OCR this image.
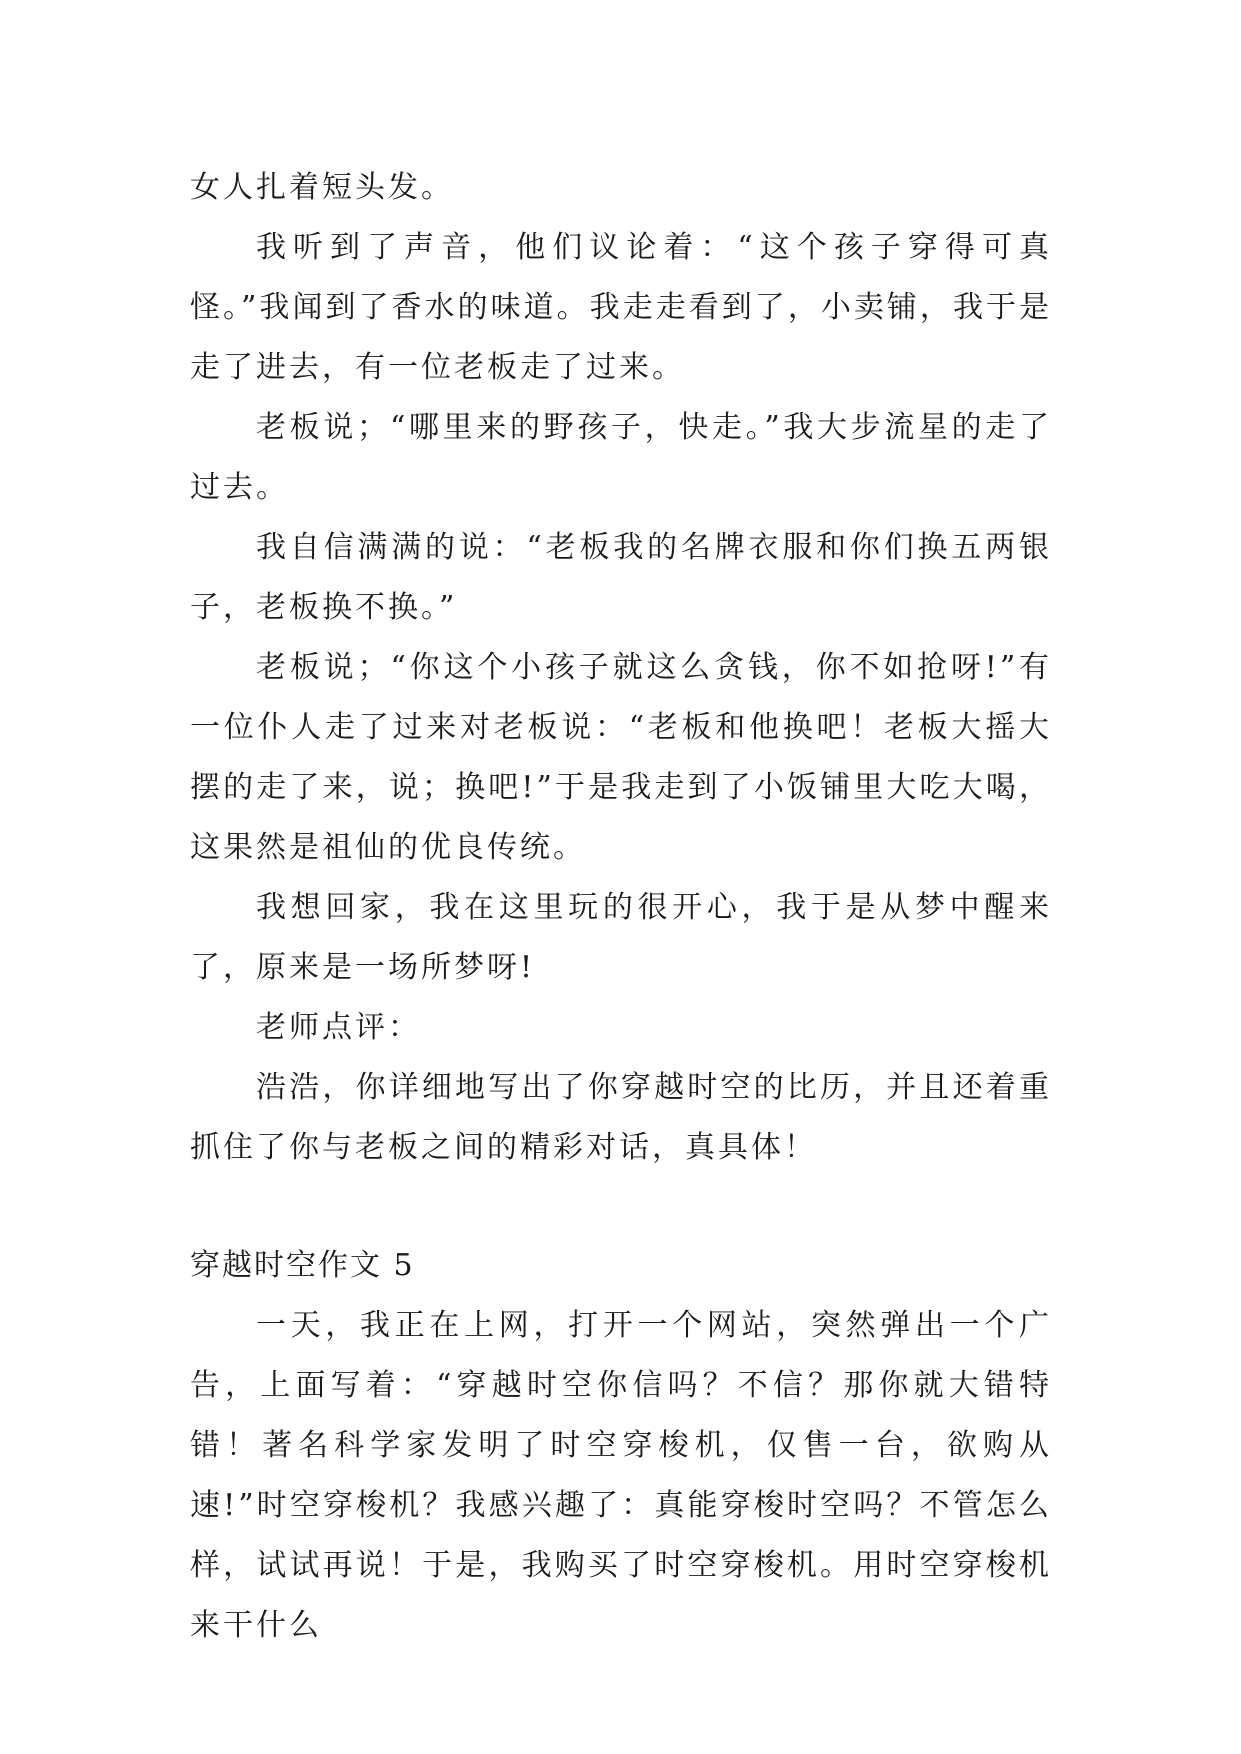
女人扎着短头发。

我听到了声音，他们议论着：“这个孩子穿得可真怪。”我闻到了香水的味道。我走走看到了，小卖铺，我于是走了进去，有一位老板走了过来。

老板说；“哪里来的野孩子，快走。”我大步流星的走了过去。

我自信满满的说：“老板我的名牌衣服和你们换五两银子，老板换不换。”

老板说；“你这个小孩子就这么贪钱，你不如抢呀!”有一位仆人走了过来对老板说：“老板和他换吧！老板大摇大摆的走了来，说；换吧!”于是我走到了小饭铺里大吃大喝，这果然是祖仙的优良传统。

我想回家，我在这里玩的很开心，我于是从梦中醒来了，原来是一场所梦呀!

老师点评：

浩浩，你详细地写出了你穿越时空的比历，并且还着重抓住了你与老板之间的精彩对话，真具体！

穿越时空作文 5

一天，我正在上网，打开一个网站，突然弹出一个广告，上面写着：“穿越时空你信吗？不信？那你就大错特错！著名科学家发明了时空穿梭机，仅售一台，欲购从速!”时空穿梭机？我感兴趣了：真能穿梭时空吗？不管怎么样，试试再说！于是，我购买了时空穿梭机。用时空穿梭机来干什么
